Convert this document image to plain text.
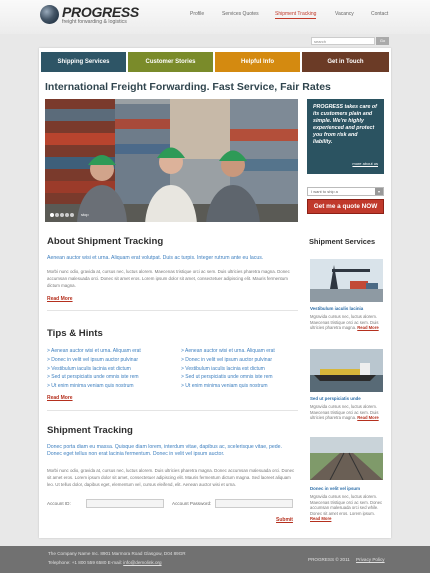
PROGRESS
freight forwarding & logistics
Profile	Services Quotes	Shipment Tracking	Vacancy	Contact
search
Go
Shipping Services	Customer Stories	Helpful Info	Get in Touch
International Freight Forwarding. Fast Service, Fair Rates
stop
PROGRESS takes care of its customers plain and simple. We're highly experienced and protect you from risk and liability.
more about us
I want to ship a	▾
Get me a quote NOW
About Shipment Tracking
Aenean auctor wisi et urna. Aliquam erat volutpat. Duis ac turpis. Integer rutrum ante eu lacus.
Morbi nunc odio, gravida at, cursus nec, luctus alorem. Maecenas tristique orci ac sem. Duis ultricies pharetra magna. Donec accumsan malesuada orci. Donec sit amet eros. Lorem ipsum dolor sit amet, consectetuer adipiscing elit. Mauris fermentum dictum magna.
Read More
Tips & Hints
> Aenean auctor wisi et urna. Aliquam erat
> Donec in velit vel ipsum auctor pulvinar
> Vestibulum iaculis lacinia est dictum
> Sed ut perspiciatis unde omnis iste rem
> Ut enim minima veniam quis nostrum
> Aenean auctor wisi et urna. Aliquam erat
> Donec in velit vel ipsum auctor pulvinar
> Vestibulum iaculis lacinia est dictum
> Sed ut perspiciatis unde omnis iste rem
> Ut enim minima veniam quis nostrum
Read More
Shipment Tracking
Donec porta diam eu massa. Quisque diam lorem, interdum vitae, dapibus ac, scelerisque vitae, pede. Donec eget tellus non erat lacinia fermentum. Donec in velit vel ipsum auctor.
Morbi nunc odio, gravida at, cursus nec, luctus alorem. Duis ultricies pharetra magna. Donec accumsan malesuada orci. Donec sit amet eros. Lorem ipsum dolor sit amet, consectetuer adipiscing elit. Mauris fermentum dictum magna. Sed laoreet aliquam leo. Ut tellus dolor, dapibus eget, elementum vel, cursus eleifend, elit. Aenean auctor wisi et urna.
Account ID:	Account Password:
Submit
Shipment Services
Vestibulum iaculis lacinia
Mgravida cursus nec, luctus alorem. Maecenas tristique orci ac sem. Duis ultricies pharetra magna. Read More
Sed ut perspiciatis unde
Mgravida cursus nec, luctus alorem. Maecenas tristique orci ac sem. Duis ultricies pharetra magna. Read More
Donec in velit vel ipsum
Mgravida cursus nec, luctus alorem. Maecenas tristique orci ac sem. Donec accumsan malesuada orci sed while. Donec sit amet eros. Lorem ipsum. Read More
The Company Name Inc. 8901 Marmora Road Glasgow, D04 89GR
Telephone: +1 800 559 6580 E-mail: info@demolink.org
PROGRESS © 2011 Privacy Policy
